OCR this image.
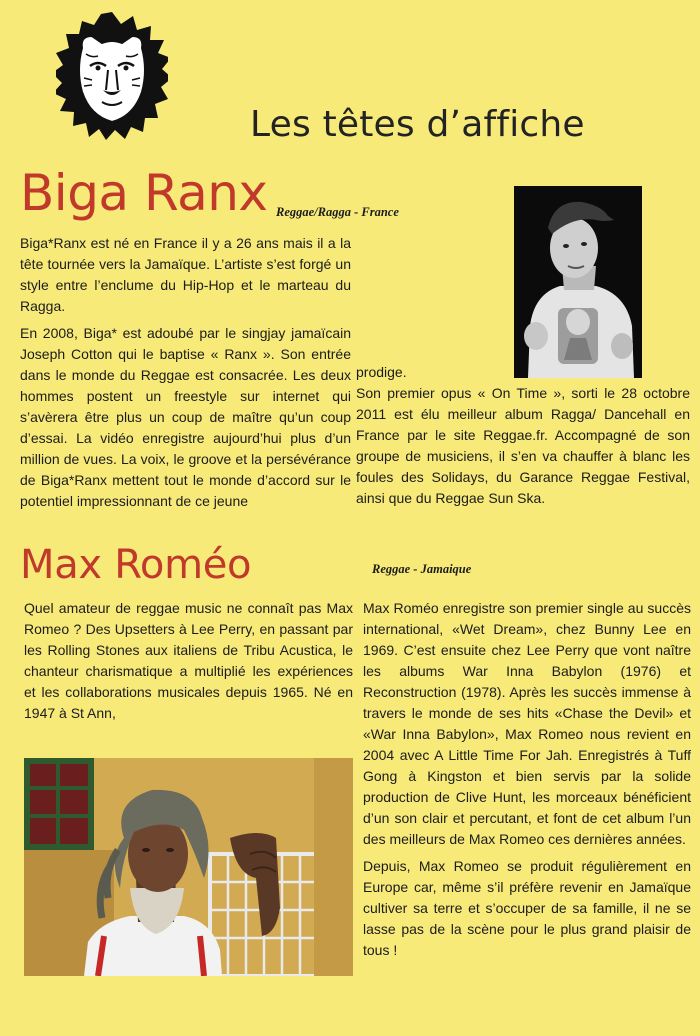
Les têtes d’affiche
Biga Ranx Reggae/Ragga - France

Biga*Ranx est né en France il y a 26 ans mais il a la tête tournée vers la Jamaïque. L’artiste s’est forgé un style entre l’enclume du Hip-Hop et le marteau du Ragga.

En 2008, Biga* est adoubé par le singjay jamaïcain Joseph Cotton qui le baptise « Ranx ». Son entrée dans le monde du Reggae est consacrée. Les deux hommes postent un freestyle sur internet qui s’avèrera être plus un coup de maître qu’un coup d’essai. La vidéo enregistre aujourd’hui plus d’un million de vues. La voix, le groove et la persévérance de Biga*Ranx mettent tout le monde d’accord sur le potentiel impressionnant de ce jeune

prodige.

Son premier opus « On Time », sorti le 28 octobre 2011 est élu meilleur album Ragga/ Dancehall en France par le site Reggae.fr. Accompagné de son groupe de musiciens, il s’en va chauffer à blanc les foules des Solidays, du Garance Reggae Festival, ainsi que du Reggae Sun Ska.

Max Roméo	Reggae - Jamaique

Quel amateur de reggae music ne connaît pas Max Romeo ? Des Upsetters à Lee Perry, en passant par les Rolling Stones aux italiens de Tribu Acustica, le chanteur charismatique a multiplié les expériences et les collaborations musicales depuis 1965. Né en 1947 à St Ann,

Max Roméo enregistre son premier single au succès international, «Wet Dream», chez Bunny Lee en 1969. C’est ensuite chez Lee Perry que vont naître les albums War Inna Babylon (1976) et Reconstruction (1978). Après les succès immense à travers le monde de ses hits «Chase the Devil» et «War Inna Babylon», Max Romeo nous revient en 2004 avec A Little Time For Jah. Enregistrés à Tuff Gong à Kingston et bien servis par la solide production de Clive Hunt, les morceaux bénéficient d’un son clair et percutant, et font de cet album l’un des meilleurs de Max Romeo ces dernières années.

Depuis, Max Romeo se produit régulièrement en Europe car, même s’il préfère revenir en Jamaïque cultiver sa terre et s’occuper de sa famille, il ne se lasse pas de la scène pour le plus grand plaisir de tous !
